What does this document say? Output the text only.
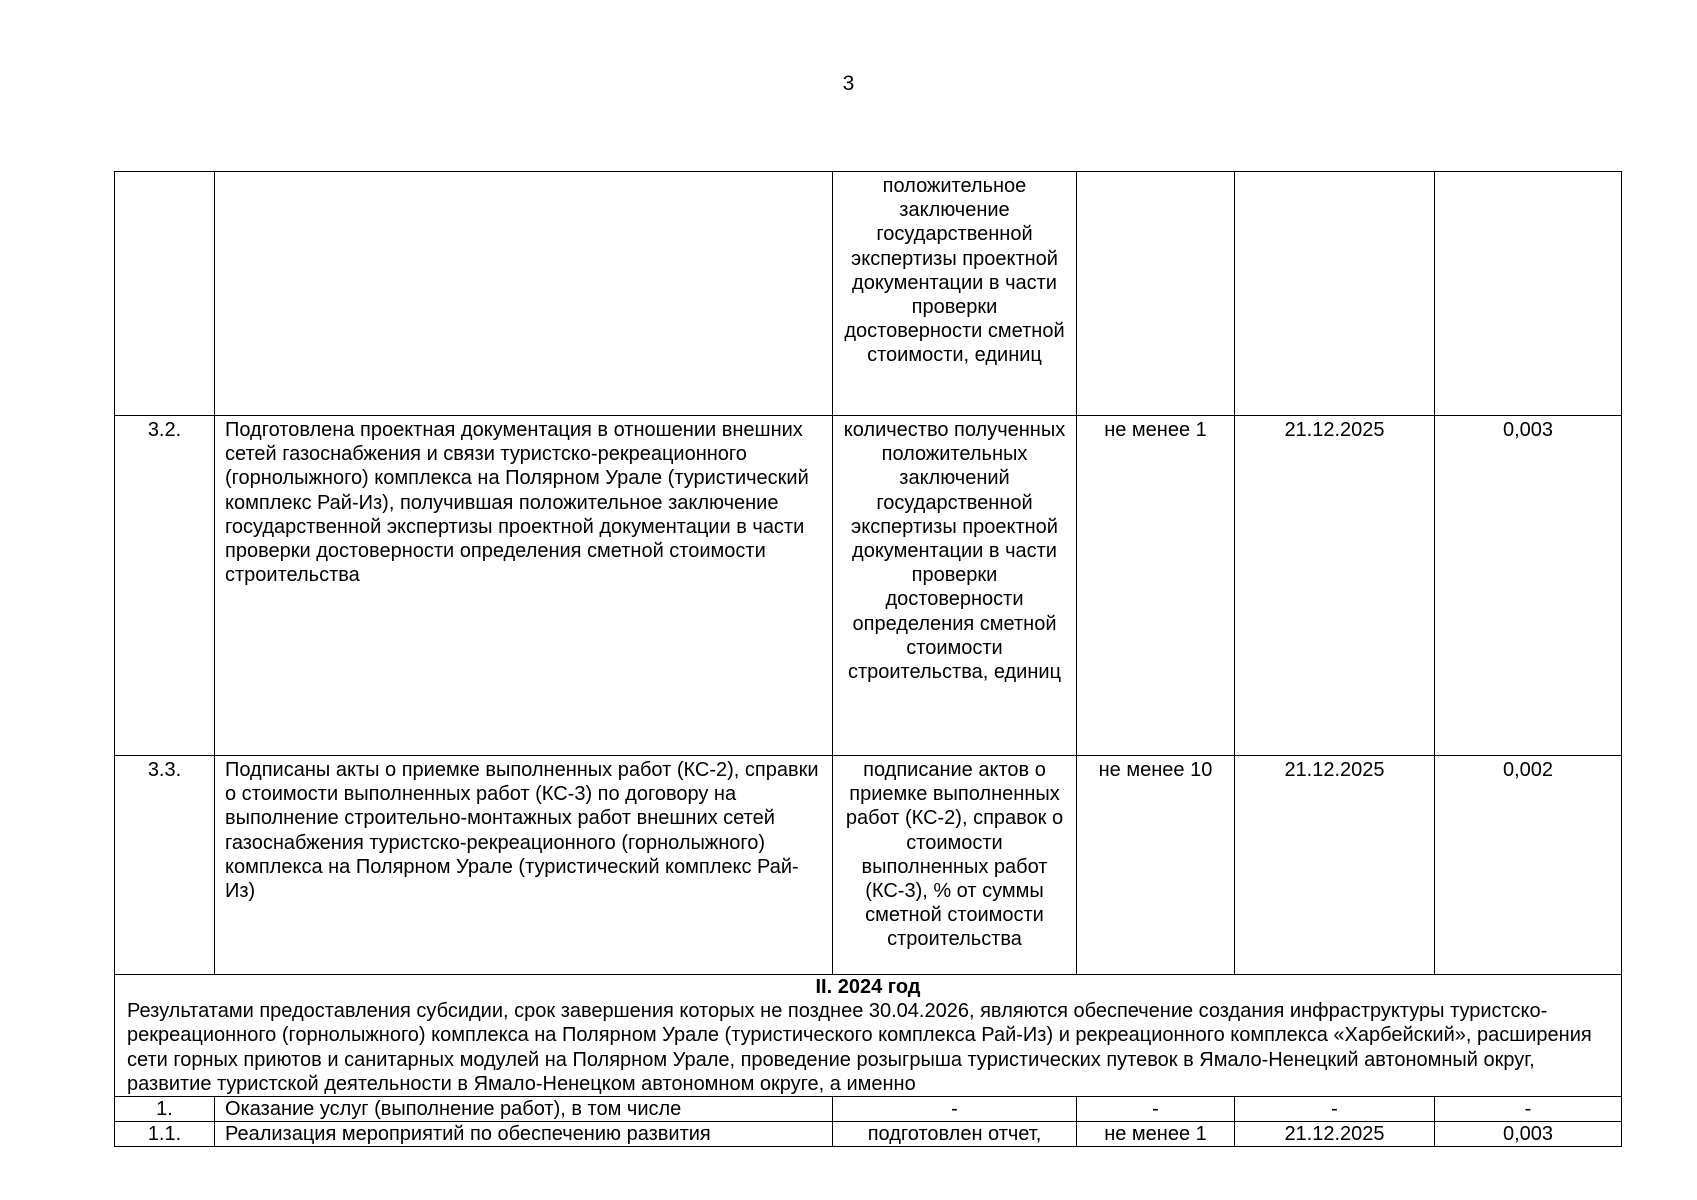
3
		положительное заключение государственной экспертизы проектной документации в части проверки достоверности сметной стоимости, единиц			
3.2.	Подготовлена проектная документация в отношении внешних сетей газоснабжения и связи туристско-рекреационного (горнолыжного) комплекса на Полярном Урале (туристический комплекс Рай-Из), получившая положительное заключение государственной экспертизы проектной документации в части проверки достоверности определения сметной стоимости строительства	количество полученных положительных заключений государственной экспертизы проектной документации в части проверки достоверности определения сметной стоимости строительства, единиц	не менее 1	21.12.2025	0,003
3.3.	Подписаны акты о приемке выполненных работ (КС-2), справки о стоимости выполненных работ (КС-3) по договору на выполнение строительно-монтажных работ внешних сетей газоснабжения туристско-рекреационного (горнолыжного) комплекса на Полярном Урале (туристический комплекс Рай-Из)	подписание актов о приемке выполненных работ (КС-2), справок о стоимости выполненных работ (КС-3), % от суммы сметной стоимости строительства	не менее 10	21.12.2025	0,002

II. 2024 год
Результатами предоставления субсидии, срок завершения которых не позднее 30.04.2026, являются обеспечение создания инфраструктуры туристско-рекреационного (горнолыжного) комплекса на Полярном Урале (туристического комплекса Рай-Из) и рекреационного комплекса «Харбейский», расширения сети горных приютов и санитарных модулей на Полярном Урале, проведение розыгрыша туристических путевок в Ямало-Ненецкий автономный округ, развитие туристской деятельности в Ямало-Ненецком автономном округе, а именно					

1.	Оказание услуг (выполнение работ), в том числе	-	-	-	-
1.1.	Реализация мероприятий по обеспечению развития	подготовлен отчет,	не менее 1	21.12.2025	0,003
